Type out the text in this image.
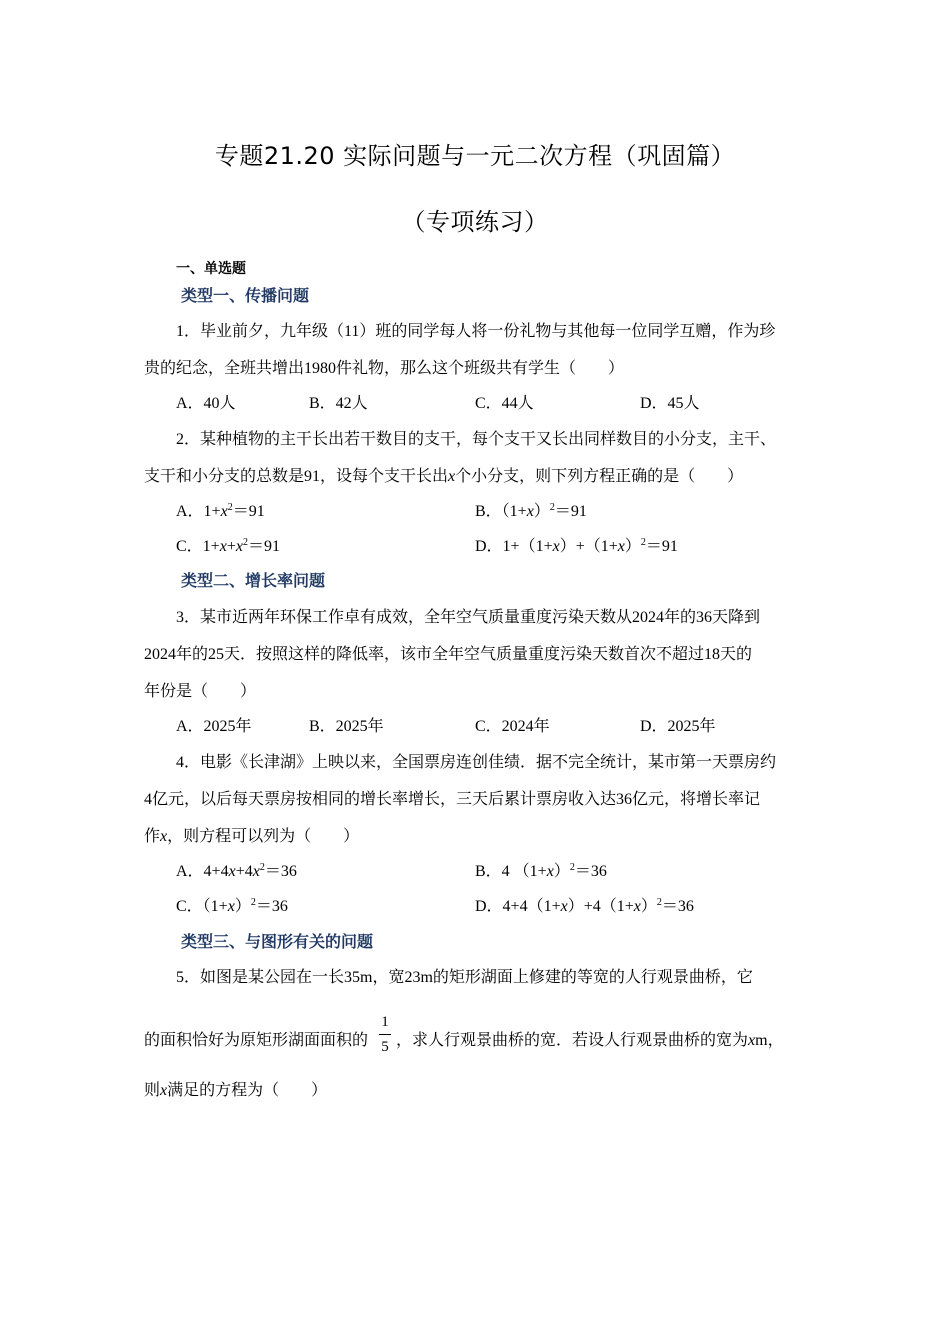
专题21.20 实际问题与一元二次方程（巩固篇）
（专项练习）
一、单选题
类型一、传播问题
1．毕业前夕，九年级（11）班的同学每人将一份礼物与其他每一位同学互赠，作为珍
贵的纪念，全班共增出1980件礼物，那么这个班级共有学生（　　）
A．40人	B．42人	C．44人	D．45人
2．某种植物的主干长出若干数目的支干，每个支干又长出同样数目的小分支，主干、
支干和小分支的总数是91，设每个支干长出x个小分支，则下列方程正确的是（　　）
A．$1+x^2=91$	B．$(1+x)^2=91$
C．$1+x+x^2=91$	D．$1+(1+x)+(1+x)^2=91$
类型二、增长率问题
3．某市近两年环保工作卓有成效，全年空气质量重度污染天数从2024年的36天降到
2024年的25天．按照这样的降低率，该市全年空气质量重度污染天数首次不超过18天的
年份是（　　）
A．2025年	B．2025年	C．2024年	D．2025年
4．电影《长津湖》上映以来，全国票房连创佳绩．据不完全统计，某市第一天票房约
4亿元，以后每天票房按相同的增长率增长，三天后累计票房收入达36亿元，将增长率记
作x，则方程可以列为（　　）
A．$4+4x+4x^2=36$	B．4 $(1+x)^2=36$
C．$(1+x)^2=36$	D．$4+4(1+x)+4(1+x)^2=36$
类型三、与图形有关的问题
5．如图是某公园在一长35m，宽23m的矩形湖面上修建的等宽的人行观景曲桥，它
的面积恰好为原矩形湖面面积的
1
5 ，求人行观景曲桥的宽．若设人行观景曲桥的宽为xm，
则x满足的方程为（　　）
